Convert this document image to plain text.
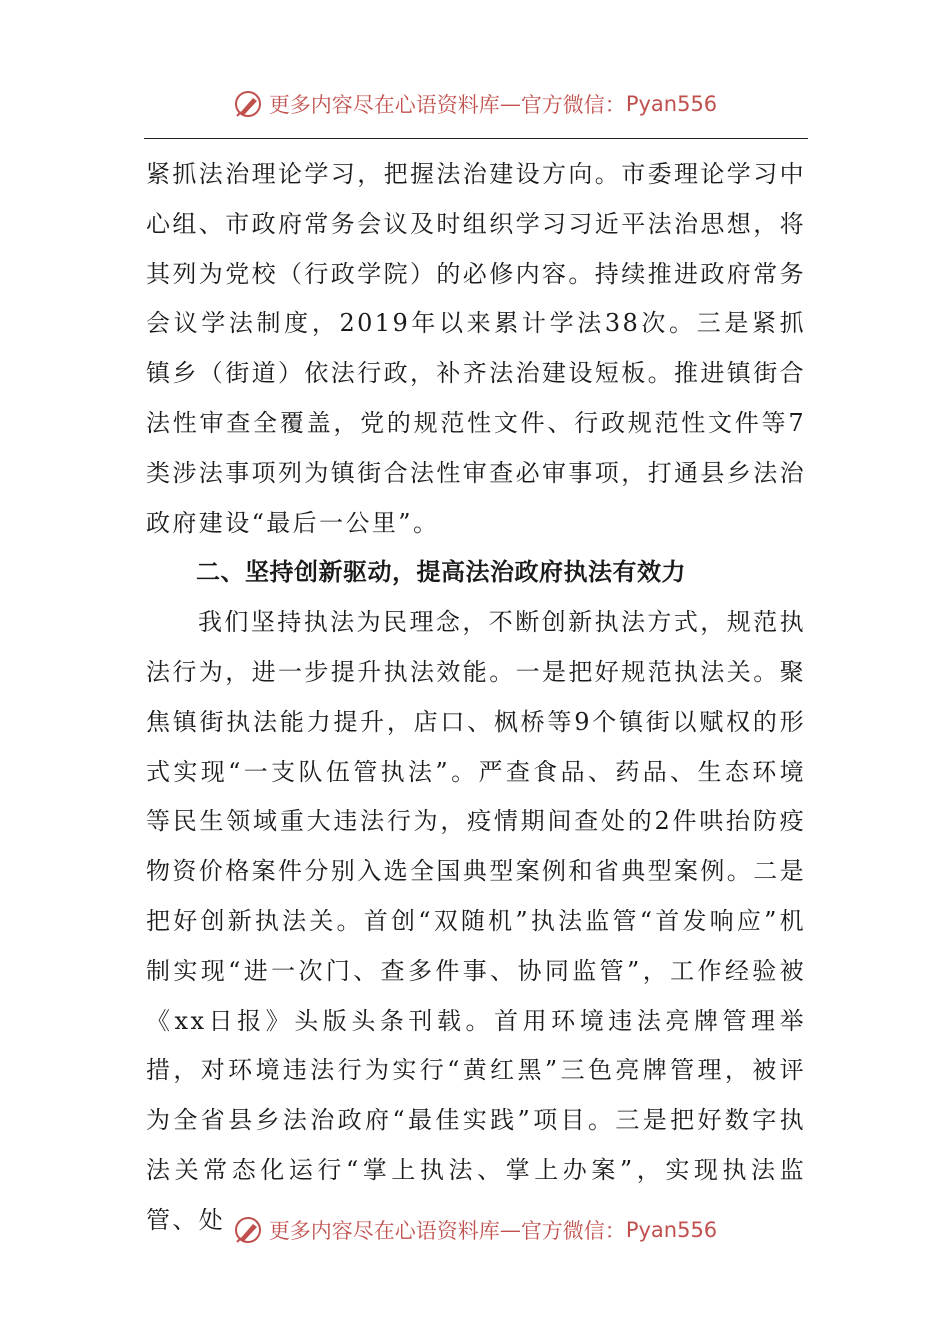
更多内容尽在心语资料库 — 官方微信： Pyan556

紧抓法治理论学习，把握法治建设方向。市委理论学习中心组、市政府常务会议及时组织学习习近平法治思想，将其列为党校（行政学院）的必修内容。持续推进政府常务会议学法制度，2019年以来累计学法38次。三是紧抓镇乡（街道）依法行政，补齐法治建设短板。推进镇街合法性审查全覆盖，党的规范性文件、行政规范性文件等7类涉法事项列为镇街合法性审查必审事项，打通县乡法治政府建设“最后一公里”。

二、坚持创新驱动，提高法治政府执法有效力

我们坚持执法为民理念，不断创新执法方式，规范执法行为，进一步提升执法效能。一是把好规范执法关。聚焦镇街执法能力提升，店口、枫桥等9个镇街以赋权的形式实现“一支队伍管执法”。严查食品、药品、生态环境等民生领域重大违法行为，疫情期间查处的2件哄抬防疫物资价格案件分别入选全国典型案例和省典型案例。二是把好创新执法关。首创“双随机”执法监管“首发响应”机制实现“进一次门、查多件事、协同监管”，工作经验被《xx日报》头版头条刊载。首用环境违法亮牌管理举措，对环境违法行为实行“黄红黑”三色亮牌管理，被评为全省县乡法治政府“最佳实践”项目。三是把好数字执法关常态化运行“掌上执法、掌上办案”，实现执法监管、处	更多内容尽在心语资料库 — 官方微信： Pyan556
